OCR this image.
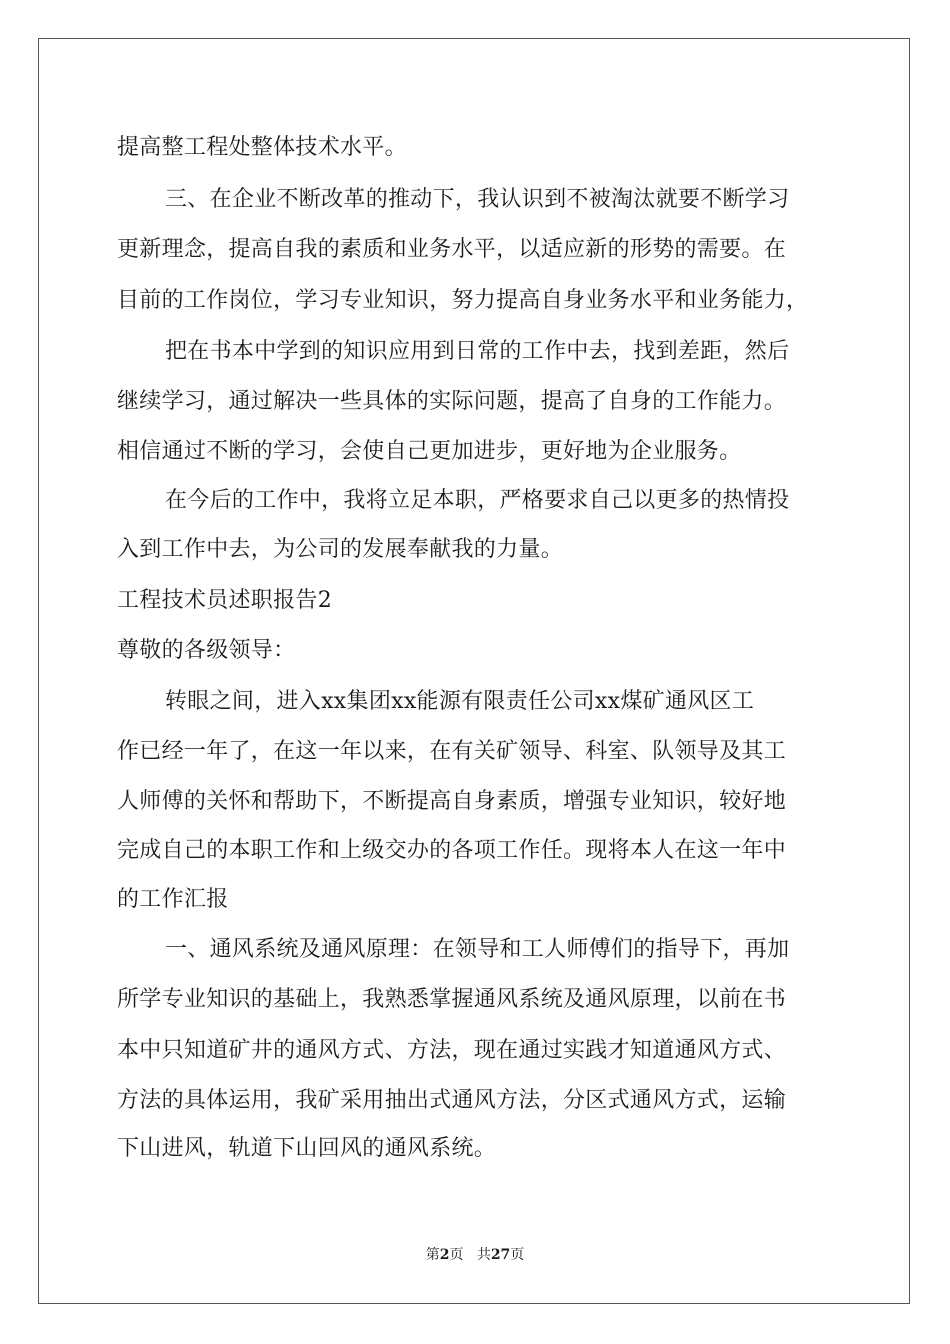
提高整工程处整体技术水平。
三、在企业不断改革的推动下，我认识到不被淘汰就要不断学习
更新理念，提高自我的素质和业务水平，以适应新的形势的需要。在
目前的工作岗位，学习专业知识，努力提高自身业务水平和业务能力，
把在书本中学到的知识应用到日常的工作中去，找到差距，然后
继续学习，通过解决一些具体的实际问题，提高了自身的工作能力。
相信通过不断的学习，会使自己更加进步，更好地为企业服务。
在今后的工作中，我将立足本职，严格要求自己以更多的热情投
入到工作中去，为公司的发展奉献我的力量。
工程技术员述职报告2
尊敬的各级领导：
转眼之间，进入xx集团xx能源有限责任公司xx煤矿通风区工
作已经一年了，在这一年以来，在有关矿领导、科室、队领导及其工
人师傅的关怀和帮助下，不断提高自身素质，增强专业知识，较好地
完成自己的本职工作和上级交办的各项工作任。现将本人在这一年中
的工作汇报
一、通风系统及通风原理：在领导和工人师傅们的指导下，再加
所学专业知识的基础上，我熟悉掌握通风系统及通风原理，以前在书
本中只知道矿井的通风方式、方法，现在通过实践才知道通风方式、
方法的具体运用，我矿采用抽出式通风方法，分区式通风方式，运输
下山进风，轨道下山回风的通风系统。
第2页 共27页
